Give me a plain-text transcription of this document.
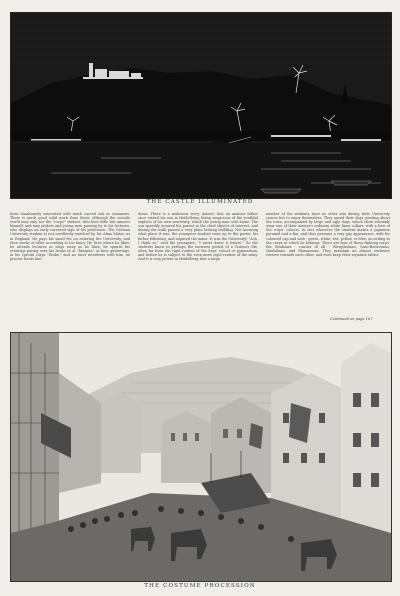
THE CASTLE ILLUMINATED
been handsomely renovated with much carved oak as ornament. There is much good solid work done there, although the outside world may only see the "corps" student, who lives little but amuses himself, and may pickets and young men passing by to his lectures, who displays an early careered sign of his profession. The German University student is not needlessly watched by his Alma Mater, as in England. He pays his small fee on entering the University, and then works or idles according to his fancy. He lives where he likes; he attends lectures or stays away as he likes; he spends his evenings poring over his books or at "kneipen" or beer gatherings, in his special corps "Stube," and no tutor interferes with him, no proctor hunts him
down. There is a malicious story, indeed, that an anxious father once visited his son in Heidelberg, being suspicious of the youthful exploits of his own university, which the young man sent home. The son speedily assured his parent in the chief objects of interest, and during the walk passed a very plain looking building. Not knowing what place it was, the youngster student went up to the porter, his father following, and inquired the name. It was the University! "Ach, I think so," said the youngster; "I never knew it before." So the students know in perhaps the merriest period of a Teuton's life, often far from the rigid routine of the boys' school or gymnasium, and before he is subject to the even more rigid routine of the army. And it is very potent in Heidelberg that a large
number of the students have no other aim during their University course but to enjoy themselves. They spend their days jousting about the town, accompanied by large and ugly dogs, which often solemnly wear one of their master's ordinary white linen collars, with a bow of the corps' colours. In fact wherever the student makes a Japanese pyramid and a fan, and thus presents a very gay appearance, with his coloured cap and sash - green, white, red, yellow, or blue, according to the corps to which he belongs. There are four of these fighting corps, the Swabians - consist of all - Westphalians, Saxo-Borussians, Vandalians, and Rhenanians. They maintain an almost exclusive reserve towards each other, and even keep their separate tables
Continued on page 167.
THE COSTUME PROCESSION
